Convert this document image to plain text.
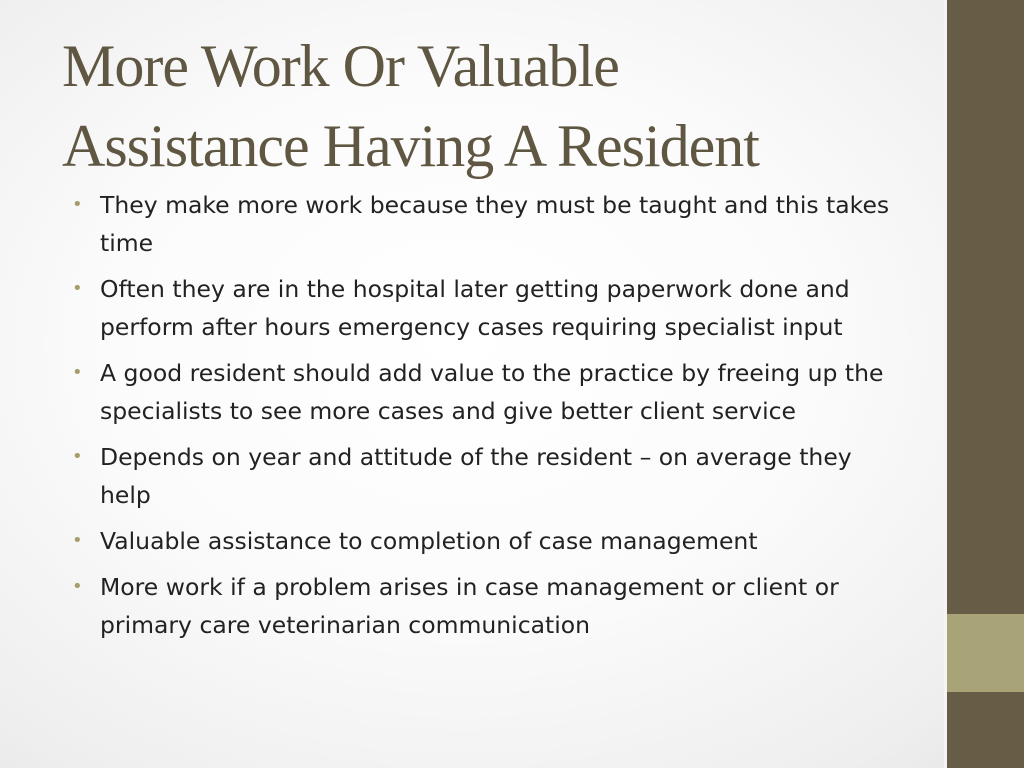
More Work Or Valuable
Assistance Having A Resident
• They make more work because they must be taught and this takes time
• Often they are in the hospital later getting paperwork done and perform after hours emergency cases requiring specialist input
• A good resident should add value to the practice by freeing up the specialists to see more cases and give better client service
• Depends on year and attitude of the resident – on average they help
• Valuable assistance to completion of case management
• More work if a problem arises in case management or client or primary care veterinarian communication
